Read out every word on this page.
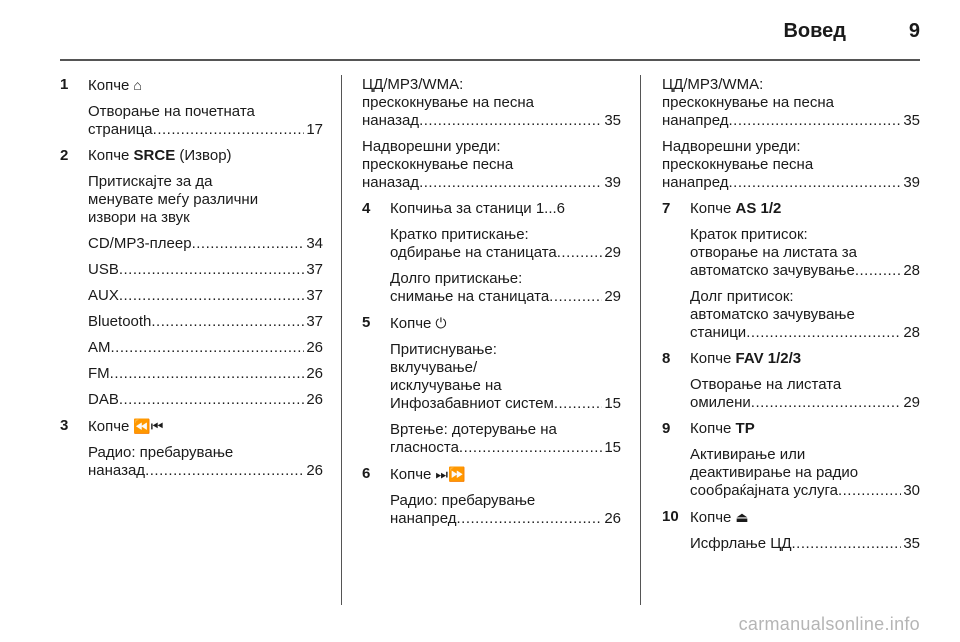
Вовед	9
1	Копче ⌂
Отворање на почетната
страница .....	17
2	Копче SRCE (Извор)
Притискајте за да
менувате меѓу различни
извори на звук
CD/MP3-плеер .....	34
USB .....	37
AUX .....	37
Bluetooth .....	37
AM .....	26
FM .....	26
DAB .....	26
3	Копче ⏪⏮
Радио: пребарување
наназад .....	26
ЦД/MP3/WMA:
прескокнување на песна
наназад .....	35
Надворешни уреди:
прескокнување песна
наназад .....	39
4	Копчиња за станици 1...6
Кратко притискање:
одбирање на станицата .....	29
Долго притискање:
снимање на станицата .....	29
5	Копче ⏻
Притиснување:
вклучување/
исклучување на
Инфозабавниот систем .....	15
Вртење: дотерување на
гласноста .....	15
6	Копче ⏭⏩
Радио: пребарување
нанапред .....	26
ЦД/MP3/WMA:
прескокнување на песна
нанапред .....	35
Надворешни уреди:
прескокнување песна
нанапред .....	39
7	Копче AS 1/2
Краток притисок:
отворање на листата за
автоматско зачувување .....	28
Долг притисок:
автоматско зачувување
станици .....	28
8	Копче FAV 1/2/3
Отворање на листата
омилени .....	29
9	Копче TP
Активирање или
деактивирање на радио
сообраќајната услуга .....	30
10 Копче ⏏
Исфрлање ЦД .....	35
carmanualsonline.info
